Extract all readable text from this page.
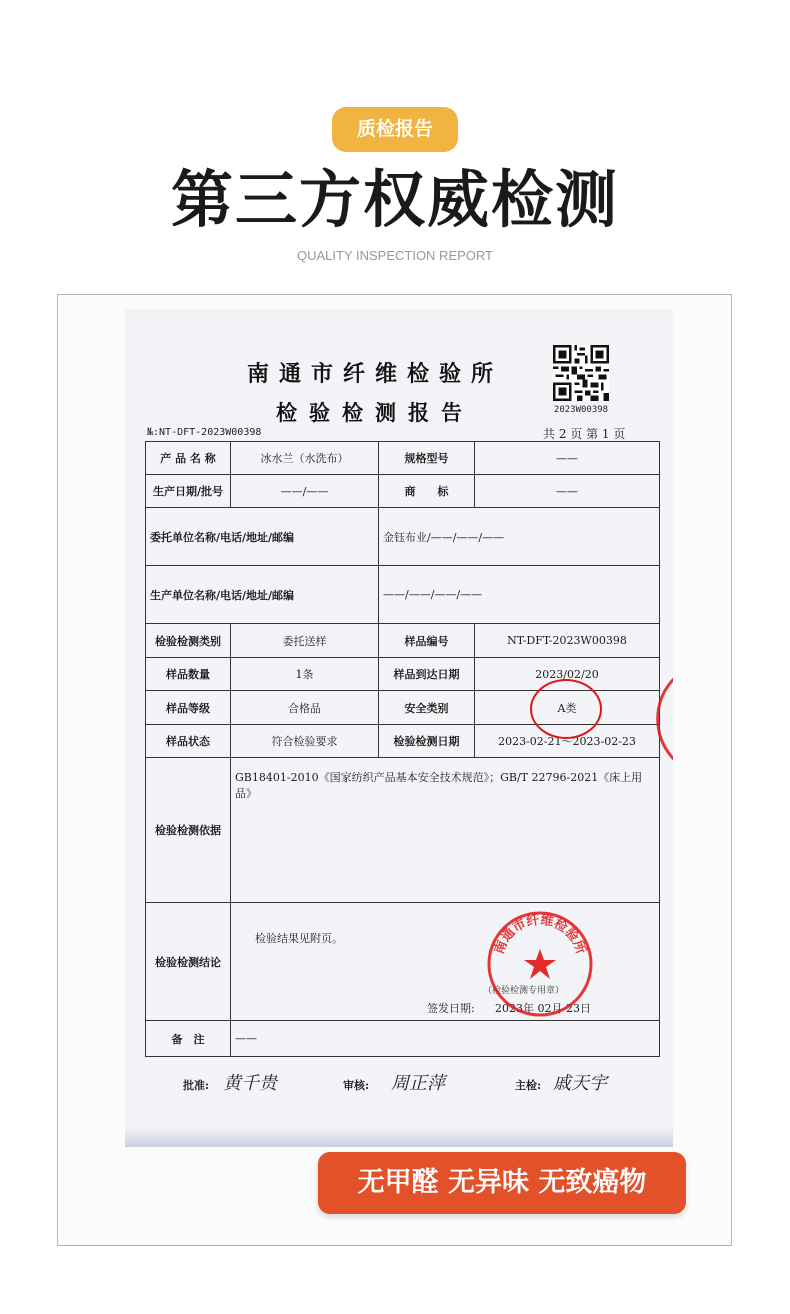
质检报告
第三方权威检测
QUALITY INSPECTION REPORT
南通市纤维检验所
检验检测报告	2023W00398
№:NT-DFT-2023W00398	共 2 页 第 1 页
产 品 名 称	冰水兰（水洗布）	规格型号	——
生产日期/批号	——/——	商　　标	——
委托单位名称/电话/地址/邮编		金钰布业/——/——/——	
生产单位名称/电话/地址/邮编		——/——/——/——	
检验检测类别	委托送样	样品编号	NT-DFT-2023W00398
样品数量	1条	样品到达日期	2023/02/20
样品等级	合格品	安全类别	A类
样品状态	符合检验要求	检验检测日期	2023-02-21～2023-02-23
检验检测依据	GB18401-2010《国家纺织产品基本安全技术规范》；GB/T 22796-2021《床上用品》		
检验检测结论	检验结果见附页。
（检验检测专用章）
签发日期: 2023年 02月 23日		

备　注	——		
批准: 黄千贵	审核: 周正萍	主检: 戚天宇
南通市纤维检验所
无甲醛 无异味 无致癌物
